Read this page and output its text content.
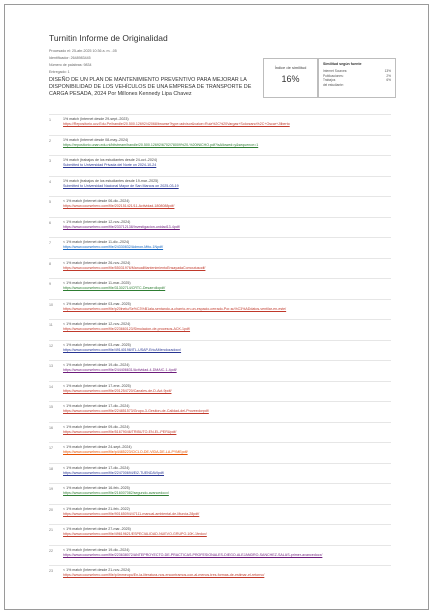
Turnitin Informe de Originalidad
Procesado el: 25-abr-2025 10:36 a. m. -05
Identificador: 2648983445
Número de palabras: 9834
Entregado: 1
DISEÑO DE UN PLAN DE MANTENIMIENTO PREVENTIVO PARA MEJORAR LA DISPONIBILIDAD DE LOS VEHÍCULOS DE UNA EMPRESA DE TRANSPORTE DE CARGA PESADA, 2024 Por Millones Kennedy Lipa Chavez
Índice de similitud
16%
Similitud según fuente
Internet Sources:	13%
Publicaciones:	2%
Trabajos	6%
del estudiante:
1	1% match (Internet desde 29-sept.-2023)
https://Repositorio.ucv.Edu.Pe/handle/20.500.12692/42068/browse?type=advisor&value=Ruiz%2C%20Vargas+Solorzano%2C+Oscar+Jilberto
2	1% match (Internet desde 08-may.-2024)
https://repositorio.unan.edu.ni/bitstream/handle/20.500.12692/6702/78009%20-%20INICHO.pdf?isAllowed=y&sequence=1
3	1% match (trabajos de los estudiantes desde 24-oct.-2024)
Submitted to Universidad Privada del Norte on 2024-10-24
4	1% match (trabajos de los estudiantes desde 19-mar.-2025)
Submitted to Universidad Nacional Mayor de San Marcos on 2025-03-19
5	< 1% match (Internet desde 06-dic.-2024)
https://www.coursehero.com/file/202151421/11-Actividad-1808088pdf/
6	< 1% match (Internet desde 12-nov.-2024)
https://www.coursehero.com/file/233712138/Investigacion-unidad13-4pdf/
7	< 1% match (Internet desde 11-dic.-2024)
https://www.coursehero.com/file/24330832/Admon-Mtto-1Npdf/
8	< 1% match (Internet desde 26-nov.-2024)
https://www.coursehero.com/file/55031976/ManualMantenimientoEnsayadaComoutusodf/
9	< 1% match (Internet desde 11-mar.-2025)
https://www.coursehero.com/file/31302714/CRTC-Desarrollopdf/
10	< 1% match (Internet desde 03-mar.-2025)
https://www.coursehero.com/file/p20lnelu/Se%C3%B1ala-sentando-a-charrio-en-un-espacio-cerrado-Por-su%C3%ADdatos-ventilar-en-este/
11	< 1% match (Internet desde 12-nov.-2024)
https://www.coursehero.com/file/223660123/Simulacion-de-procesos-ACK-1pdf/
12	< 1% match (Internet desde 03-mar.-2025)
https://www.coursehero.com/file/49140198/ITL-USAP-EricAMendozadocx/
13	< 1% match (Internet desde 19-dic.-2024)
https://www.coursehero.com/file/244406631/Actividad-4-DMAIC-1-4pdf/
14	< 1% match (Internet desde 17-ene.-2025)
https://www.coursehero.com/file/201254720/Canales-de-D-Act-9pdf/
15	< 1% match (Internet desde 17-dic.-2024)
https://www.coursehero.com/file/224851573/Grupo-3-Gestion-de-Calidad-del-Proveedorpdf/
16	< 1% match (Internet desde 09-dic.-2024)
https://www.coursehero.com/file/51679046/TRIBUTO-EN-EL-PERUpdf/
17	< 1% match (Internet desde 24-sept.-2024)
https://www.coursehero.com/file/p4485223/CICLO-DE-VIDA-DE-LA-PYMEpdf/
18	< 1% match (Internet desde 17-dic.-2024)
https://www.coursehero.com/file/224700694/Ei2-TUENDAVIpdf/
19	< 1% match (Internet desde 16-feb.-2025)
https://www.coursehero.com/file/216007082/segundo-avancedocx/
20	< 1% match (Internet desde 21-feb.-2022)
https://www.coursehero.com/file/90165094/47111-manual-ambiental-de-Murcia-28pdf/
21	< 1% match (Internet desde 27-mar.-2025)
https://www.coursehero.com/file/49619621/ESPECIALIDAD-NUEVO-GRUPO-10K-1fedox/
22	< 1% match (Internet desde 19-dic.-2024)
https://www.coursehero.com/file/223638072/ANTEPROYECTO-DE-PRACTICAS-PROFESIONALES-DIEGO-ALEJANDRO-SANCHEZ-SALAS-primer-avancedocx/
23	< 1% match (Internet desde 21-nov.-2024)
https://www.coursehero.com/file/p4mmeupo/En-la-literatura-nos-encontramos-con-al-menos-tres-formas-de-estimar-el-retorno/
